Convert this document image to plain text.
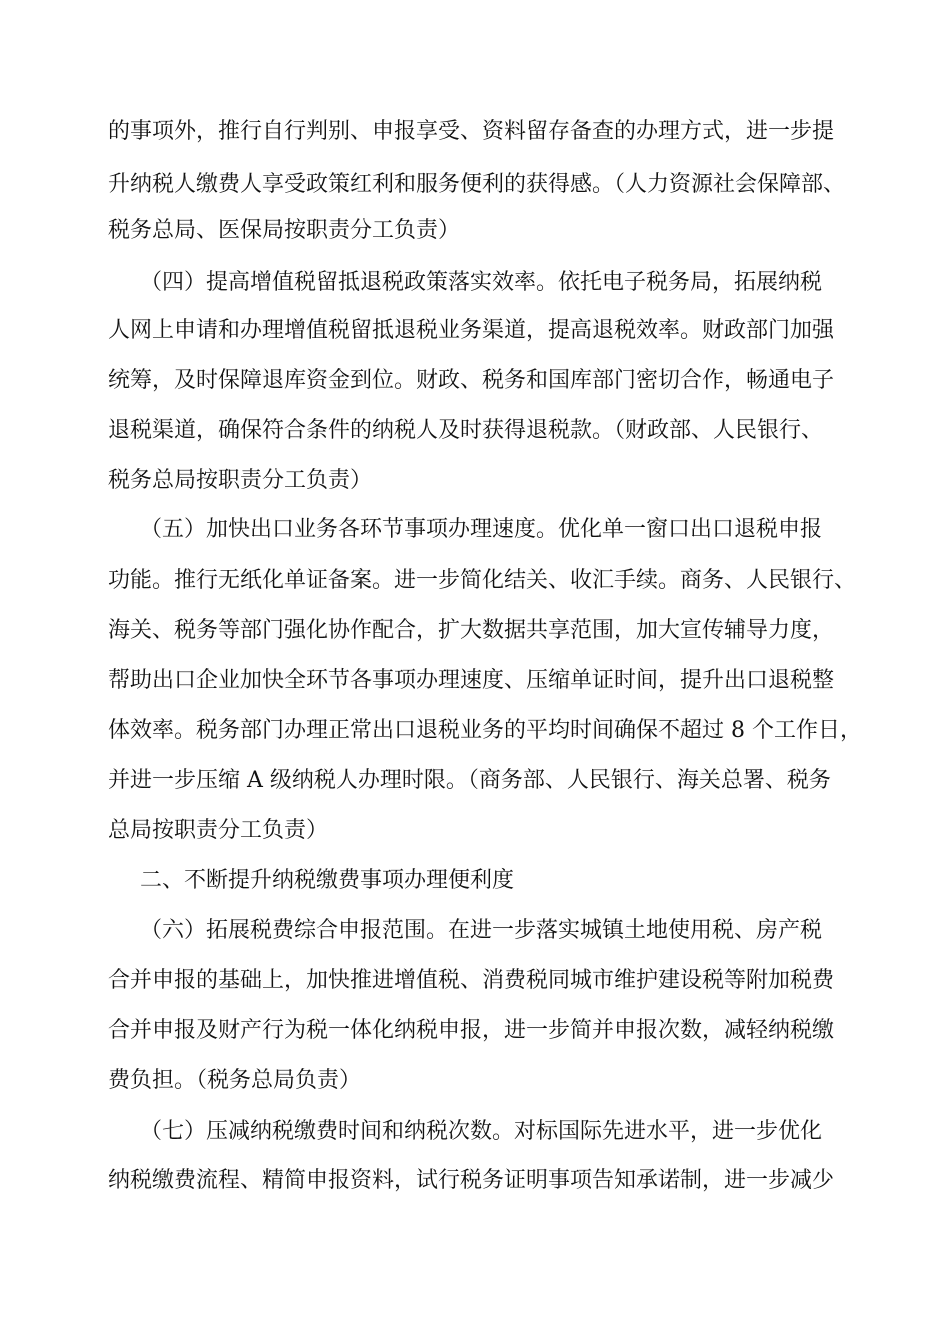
的事项外，推行自行判别、申报享受、资料留存备查的办理方式，进一步提
升纳税人缴费人享受政策红利和服务便利的获得感。（人力资源社会保障部、
税务总局、医保局按职责分工负责）
（四）提高增值税留抵退税政策落实效率。依托电子税务局，拓展纳税
人网上申请和办理增值税留抵退税业务渠道，提高退税效率。财政部门加强
统筹，及时保障退库资金到位。财政、税务和国库部门密切合作，畅通电子
退税渠道，确保符合条件的纳税人及时获得退税款。（财政部、人民银行、
税务总局按职责分工负责）
（五）加快出口业务各环节事项办理速度。优化单一窗口出口退税申报
功能。推行无纸化单证备案。进一步简化结关、收汇手续。商务、人民银行、
海关、税务等部门强化协作配合，扩大数据共享范围，加大宣传辅导力度，
帮助出口企业加快全环节各事项办理速度、压缩单证时间，提升出口退税整
体效率。税务部门办理正常出口退税业务的平均时间确保不超过 8 个工作日，
并进一步压缩 A 级纳税人办理时限。（商务部、人民银行、海关总署、税务
总局按职责分工负责）
二、不断提升纳税缴费事项办理便利度
（六）拓展税费综合申报范围。在进一步落实城镇土地使用税、房产税
合并申报的基础上，加快推进增值税、消费税同城市维护建设税等附加税费
合并申报及财产行为税一体化纳税申报，进一步简并申报次数，减轻纳税缴
费负担。（税务总局负责）
（七）压减纳税缴费时间和纳税次数。对标国际先进水平，进一步优化
纳税缴费流程、精简申报资料，试行税务证明事项告知承诺制，进一步减少
